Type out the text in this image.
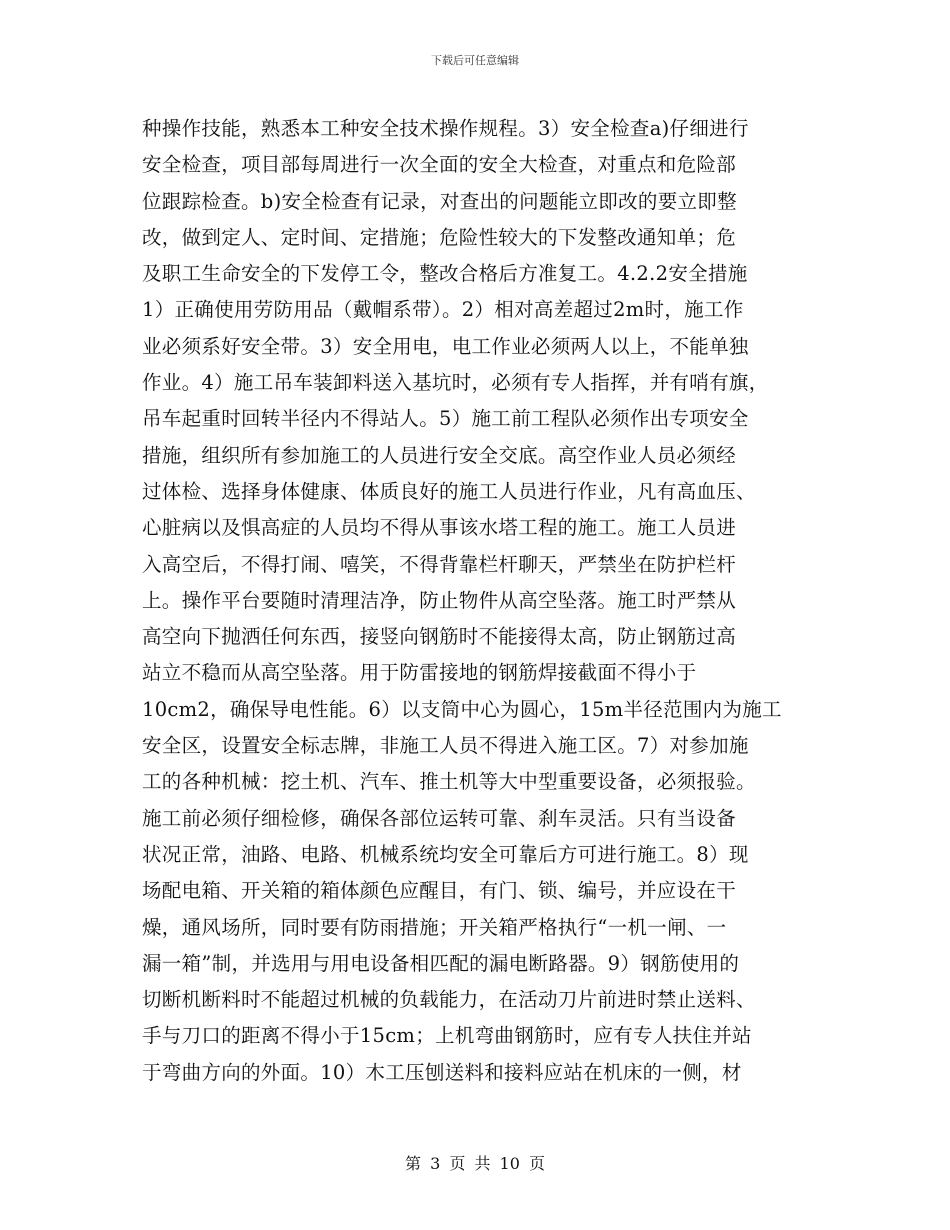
下载后可任意编辑
种操作技能，熟悉本工种安全技术操作规程。3）安全检查a)仔细进行
安全检查，项目部每周进行一次全面的安全大检查，对重点和危险部
位跟踪检查。b)安全检查有记录，对查出的问题能立即改的要立即整
改，做到定人、定时间、定措施；危险性较大的下发整改通知单；危
及职工生命安全的下发停工令，整改合格后方准复工。4.2.2安全措施
1）正确使用劳防用品（戴帽系带）。2）相对高差超过2m时，施工作
业必须系好安全带。3）安全用电，电工作业必须两人以上，不能单独
作业。4）施工吊车装卸料送入基坑时，必须有专人指挥，并有哨有旗，
吊车起重时回转半径内不得站人。5）施工前工程队必须作出专项安全
措施，组织所有参加施工的人员进行安全交底。高空作业人员必须经
过体检、选择身体健康、体质良好的施工人员进行作业，凡有高血压、
心脏病以及惧高症的人员均不得从事该水塔工程的施工。施工人员进
入高空后，不得打闹、嘻笑，不得背靠栏杆聊天，严禁坐在防护栏杆
上。操作平台要随时清理洁净，防止物件从高空坠落。施工时严禁从
高空向下抛洒任何东西，接竖向钢筋时不能接得太高，防止钢筋过高
站立不稳而从高空坠落。用于防雷接地的钢筋焊接截面不得小于
10cm2，确保导电性能。6）以支筒中心为圆心，15m半径范围内为施工
安全区，设置安全标志牌，非施工人员不得进入施工区。7）对参加施
工的各种机械：挖土机、汽车、推土机等大中型重要设备，必须报验。
施工前必须仔细检修，确保各部位运转可靠、刹车灵活。只有当设备
状况正常，油路、电路、机械系统均安全可靠后方可进行施工。8）现
场配电箱、开关箱的箱体颜色应醒目，有门、锁、编号，并应设在干
燥，通风场所，同时要有防雨措施；开关箱严格执行“一机一闸、一
漏一箱”制，并选用与用电设备相匹配的漏电断路器。9）钢筋使用的
切断机断料时不能超过机械的负载能力，在活动刀片前进时禁止送料、
手与刀口的距离不得小于15cm；上机弯曲钢筋时，应有专人扶住并站
于弯曲方向的外面。10）木工压刨送料和接料应站在机床的一侧，材
第 3 页 共 10 页
